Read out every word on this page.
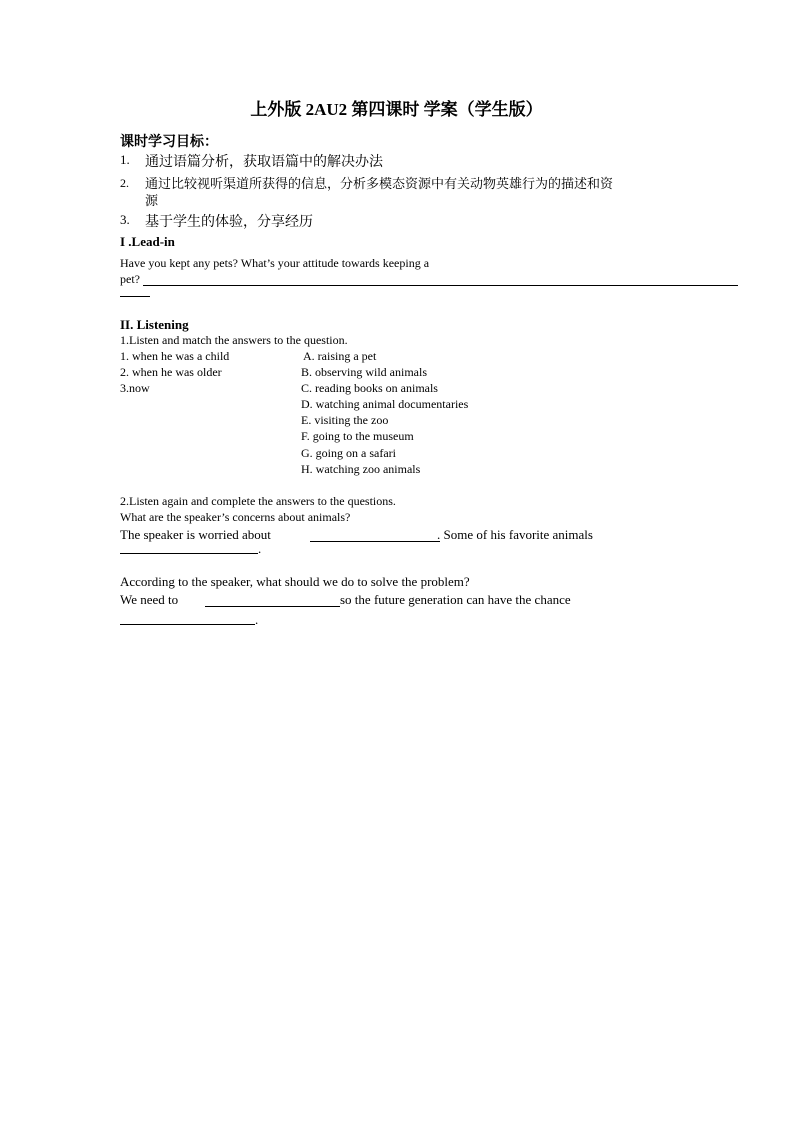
上外版 2AU2 第四课时 学案（学生版）
课时学习目标：
1. 通过语篇分析，获取语篇中的解决办法
2. 通过比较视听渠道所获得的信息，分析多模态资源中有关动物英雄行为的描述和资
源
3. 基于学生的体验，分享经历
I .Lead-in
Have you kept any pets? What’s your attitude towards keeping a
pet?
II. Listening
1.Listen and match the answers to the question.
1. when he was a child
2. when he was older
3.now
A. raising a pet
B. observing wild animals
C. reading books on animals
D. watching animal documentaries
E. visiting the zoo
F. going to the museum
G. going on a safari
H. watching zoo animals
2.Listen again and complete the answers to the questions.
What are the speaker’s concerns about animals?
The speaker is worried about	. Some of his favorite animals
.
According to the speaker, what should we do to solve the problem?
We need to	so the future generation can have the chance
.
